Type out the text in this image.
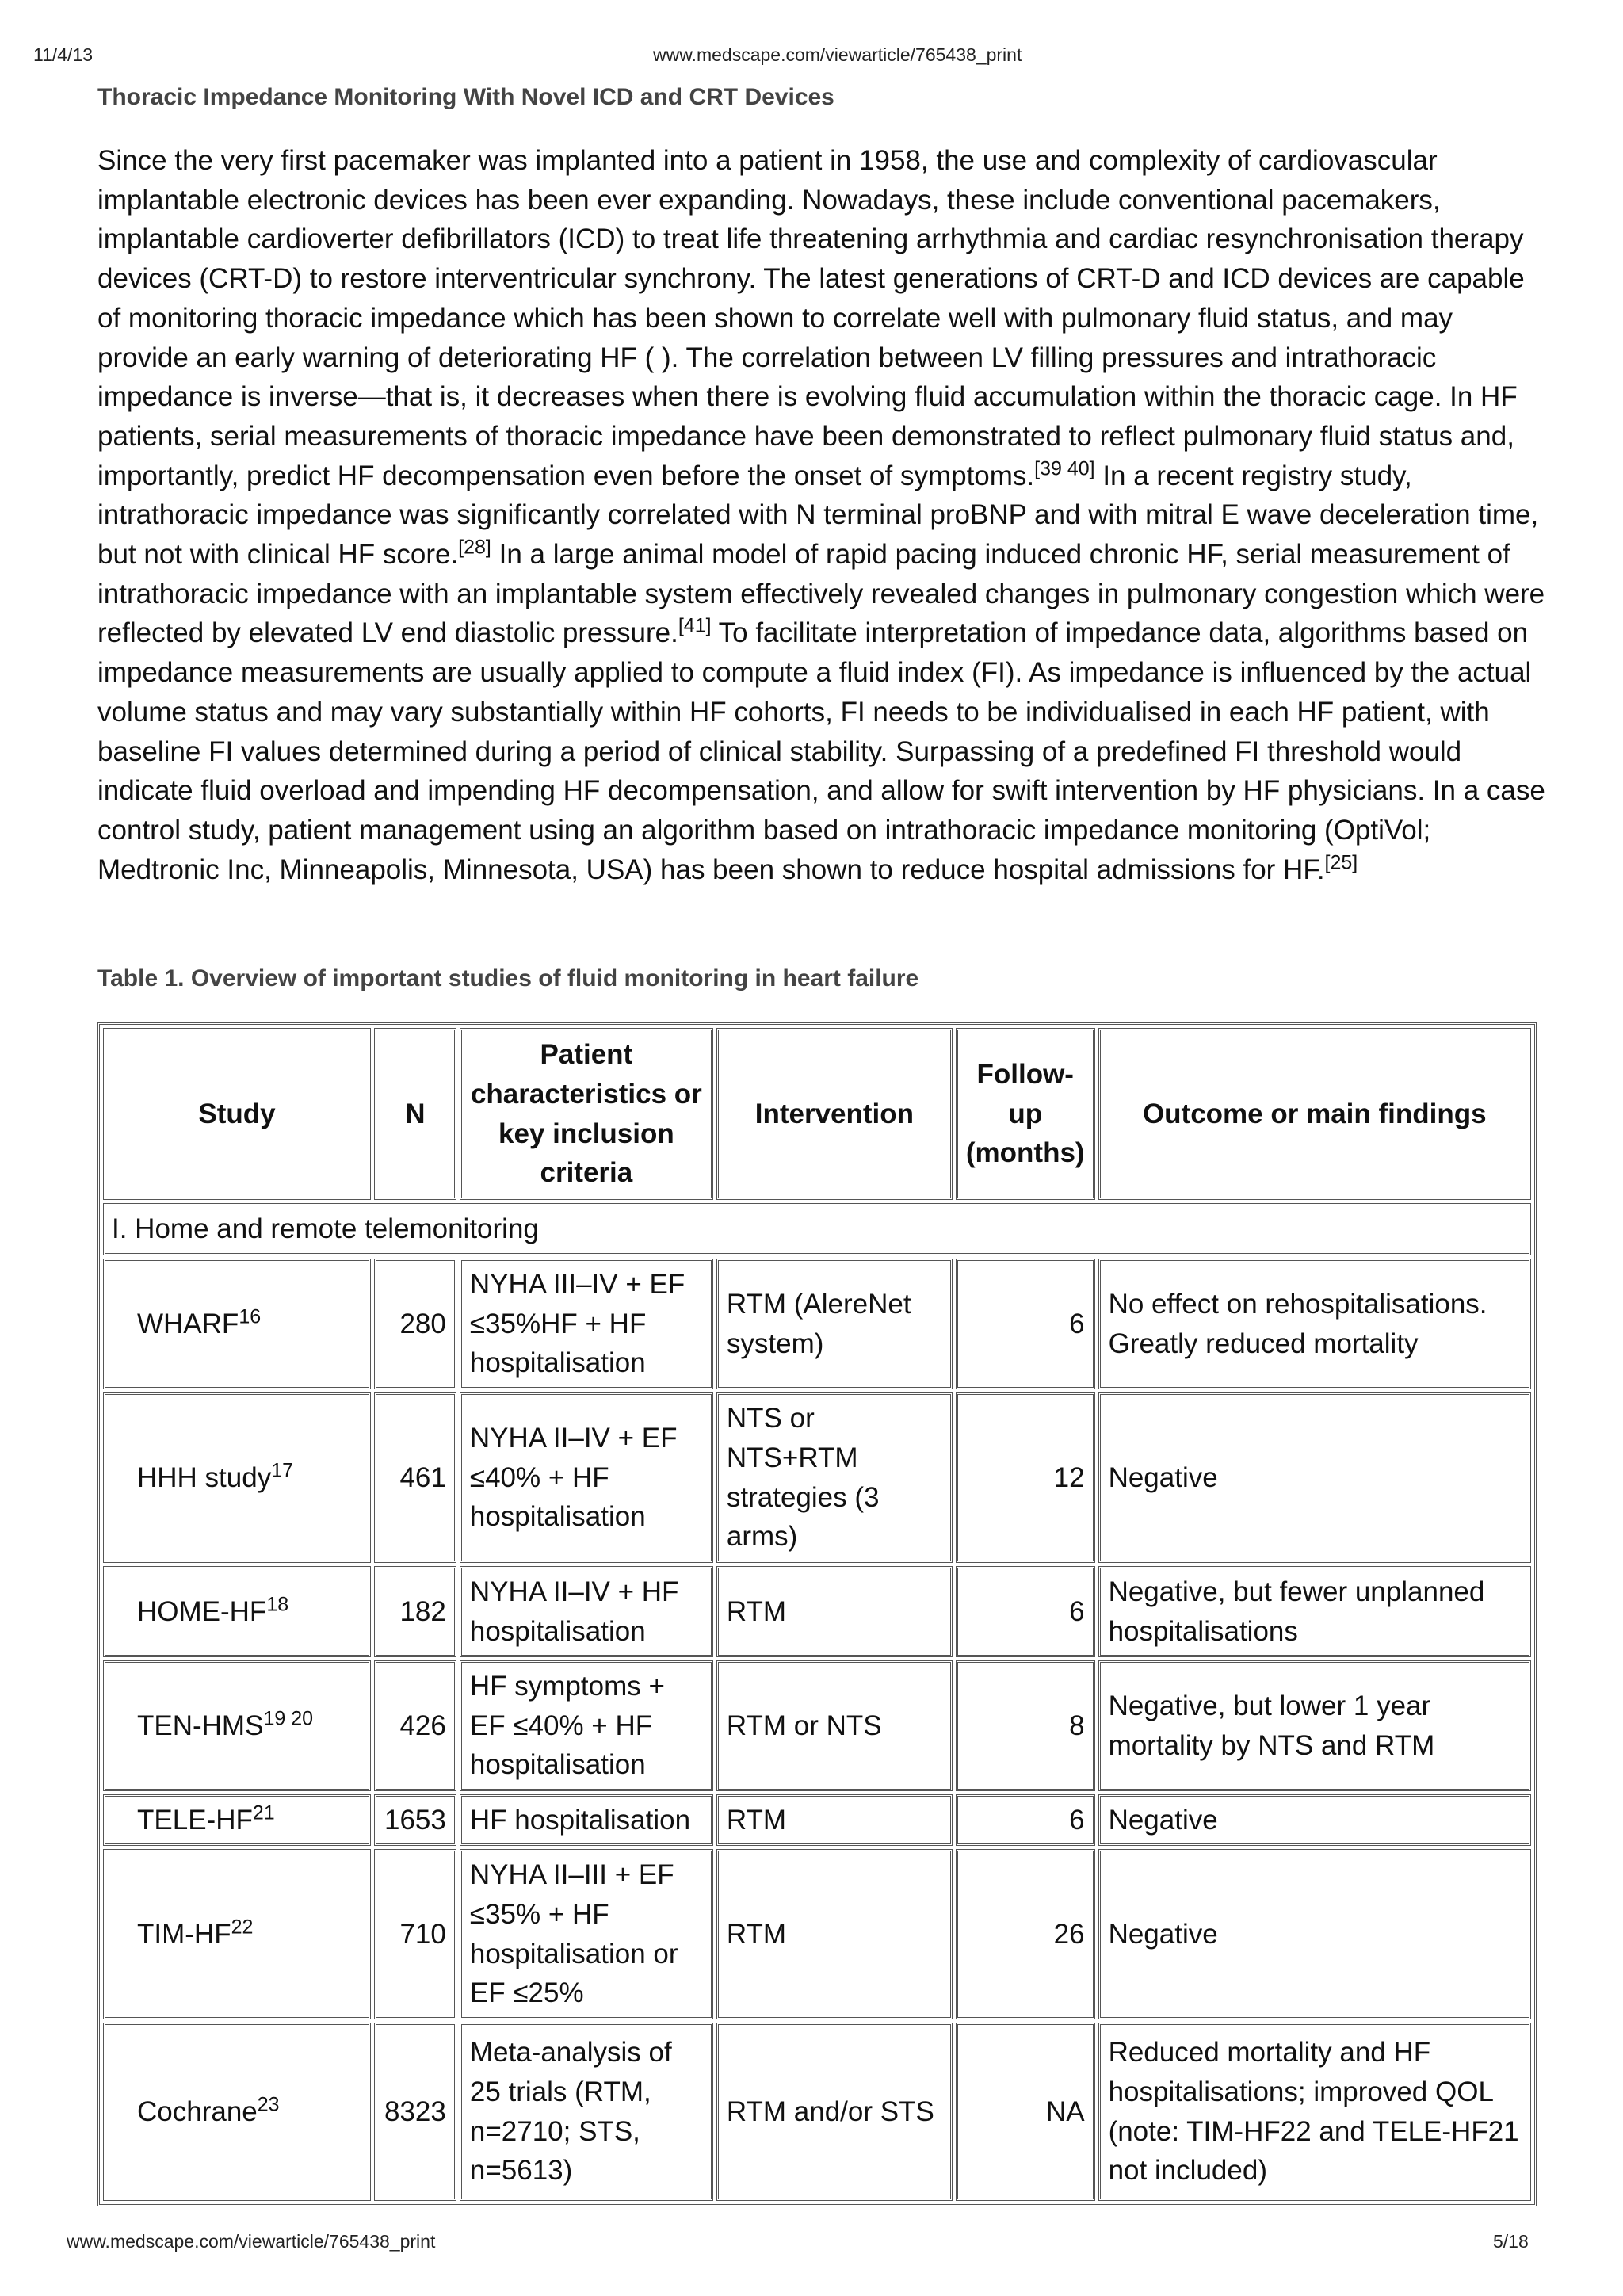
11/4/13	www.medscape.com/viewarticle/765438_print
Thoracic Impedance Monitoring With Novel ICD and CRT Devices
Since the very first pacemaker was implanted into a patient in 1958, the use and complexity of cardiovascular implantable electronic devices has been ever expanding. Nowadays, these include conventional pacemakers, implantable cardioverter defibrillators (ICD) to treat life threatening arrhythmia and cardiac resynchronisation therapy devices (CRT-D) to restore interventricular synchrony. The latest generations of CRT-D and ICD devices are capable of monitoring thoracic impedance which has been shown to correlate well with pulmonary fluid status, and may provide an early warning of deteriorating HF ( ). The correlation between LV filling pressures and intrathoracic impedance is inverse—that is, it decreases when there is evolving fluid accumulation within the thoracic cage. In HF patients, serial measurements of thoracic impedance have been demonstrated to reflect pulmonary fluid status and, importantly, predict HF decompensation even before the onset of symptoms.[39 40] In a recent registry study, intrathoracic impedance was significantly correlated with N terminal proBNP and with mitral E wave deceleration time, but not with clinical HF score.[28] In a large animal model of rapid pacing induced chronic HF, serial measurement of intrathoracic impedance with an implantable system effectively revealed changes in pulmonary congestion which were reflected by elevated LV end diastolic pressure.[41] To facilitate interpretation of impedance data, algorithms based on impedance measurements are usually applied to compute a fluid index (FI). As impedance is influenced by the actual volume status and may vary substantially within HF cohorts, FI needs to be individualised in each HF patient, with baseline FI values determined during a period of clinical stability. Surpassing of a predefined FI threshold would indicate fluid overload and impending HF decompensation, and allow for swift intervention by HF physicians. In a case control study, patient management using an algorithm based on intrathoracic impedance monitoring (OptiVol; Medtronic Inc, Minneapolis, Minnesota, USA) has been shown to reduce hospital admissions for HF.[25]
Table 1. Overview of important studies of fluid monitoring in heart failure
Study	N	Patient characteristics or key inclusion criteria	Intervention	Follow-up (months)	Outcome or main findings
I. Home and remote telemonitoring					
WHARF$^{16}$	280	NYHA III–IV + EF ≤35%HF + HF hospitalisation	RTM (AlereNet system)	6	No effect on rehospitalisations. Greatly reduced mortality
HHH study$^{17}$	461	NYHA II–IV + EF ≤40% + HF hospitalisation	NTS or NTS+RTM strategies (3 arms)	12	Negative
HOME-HF$^{18}$	182	NYHA II–IV + HF hospitalisation	RTM	6	Negative, but fewer unplanned hospitalisations
TEN-$HMS^{19 20}$	426	HF symptoms + EF ≤40% + HF hospitalisation	RTM or NTS	8	Negative, but lower 1 year mortality by NTS and RTM
TELE-HF$^{21}$	1653	HF hospitalisation	RTM	6	Negative
TIM-HF$^{22}$	710	NYHA II–III + EF ≤35% + HF hospitalisation or EF ≤25%	RTM	26	Negative
Cochrane$^{23}$	8323	Meta-analysis of 25 trials (RTM, n=2710; STS, n=5613)	RTM and/or STS	NA	Reduced mortality and HF hospitalisations; improved QOL (note: TIM-HF22 and TELE-HF21 not included)
www.medscape.com/viewarticle/765438_print	5/18
